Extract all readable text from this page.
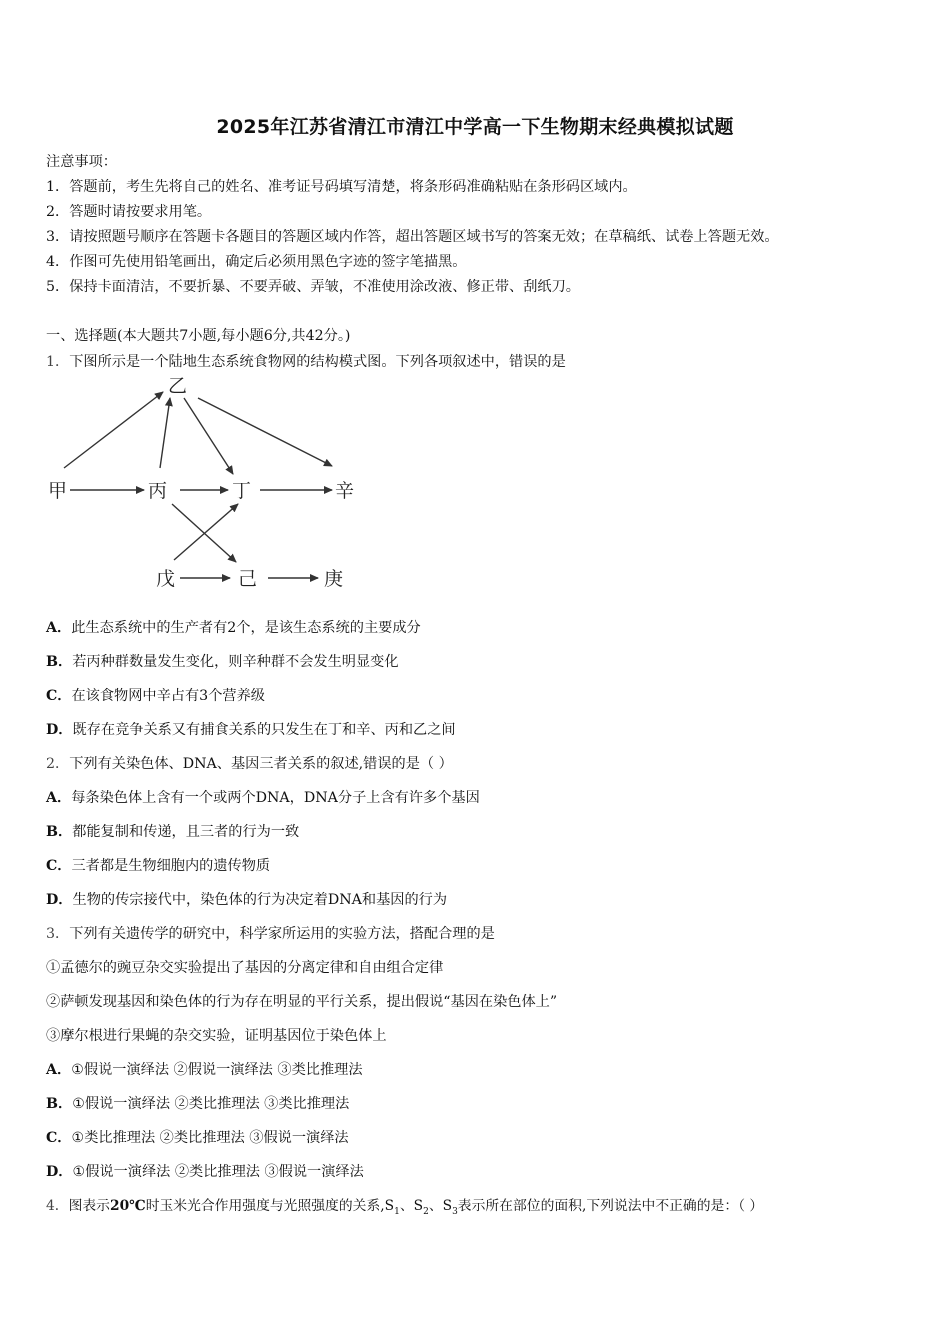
2025年江苏省清江市清江中学高一下生物期末经典模拟试题
注意事项：
1．答题前，考生先将自己的姓名、准考证号码填写清楚，将条形码准确粘贴在条形码区域内。
2．答题时请按要求用笔。
3．请按照题号顺序在答题卡各题目的答题区域内作答，超出答题区域书写的答案无效；在草稿纸、试卷上答题无效。
4．作图可先使用铅笔画出，确定后必须用黑色字迹的签字笔描黑。
5．保持卡面清洁，不要折暴、不要弄破、弄皱，不准使用涂改液、修正带、刮纸刀。
一、选择题(本大题共7小题,每小题6分,共42分。)
1．下图所示是一个陆地生态系统食物网的结构模式图。下列各项叙述中，错误的是
乙
甲	丙	丁	辛
戊	己	庚
A．此生态系统中的生产者有2个，是该生态系统的主要成分
B．若丙种群数量发生变化，则辛种群不会发生明显变化
C．在该食物网中辛占有3个营养级
D．既存在竞争关系又有捕食关系的只发生在丁和辛、丙和乙之间
2．下列有关染色体、DNA、基因三者关系的叙述,错误的是（ ）
A．每条染色体上含有一个或两个DNA，DNA分子上含有许多个基因
B．都能复制和传递，且三者的行为一致
C．三者都是生物细胞内的遗传物质
D．生物的传宗接代中，染色体的行为决定着DNA和基因的行为
3．下列有关遗传学的研究中，科学家所运用的实验方法，搭配合理的是
①孟德尔的豌豆杂交实验提出了基因的分离定律和自由组合定律
②萨顿发现基因和染色体的行为存在明显的平行关系，提出假说“基因在染色体上”
③摩尔根进行果蝇的杂交实验，证明基因位于染色体上
A．①假说一演绎法 ②假说一演绎法 ③类比推理法
B．①假说一演绎法 ②类比推理法 ③类比推理法
C．①类比推理法 ②类比推理法 ③假说一演绎法
D．①假说一演绎法 ②类比推理法 ③假说一演绎法
4．图表示20℃时玉米光合作用强度与光照强度的关系$,S_1$、$S_2$、$S_3$表示所在部位的面积,下列说法中不正确的是：（ ）
